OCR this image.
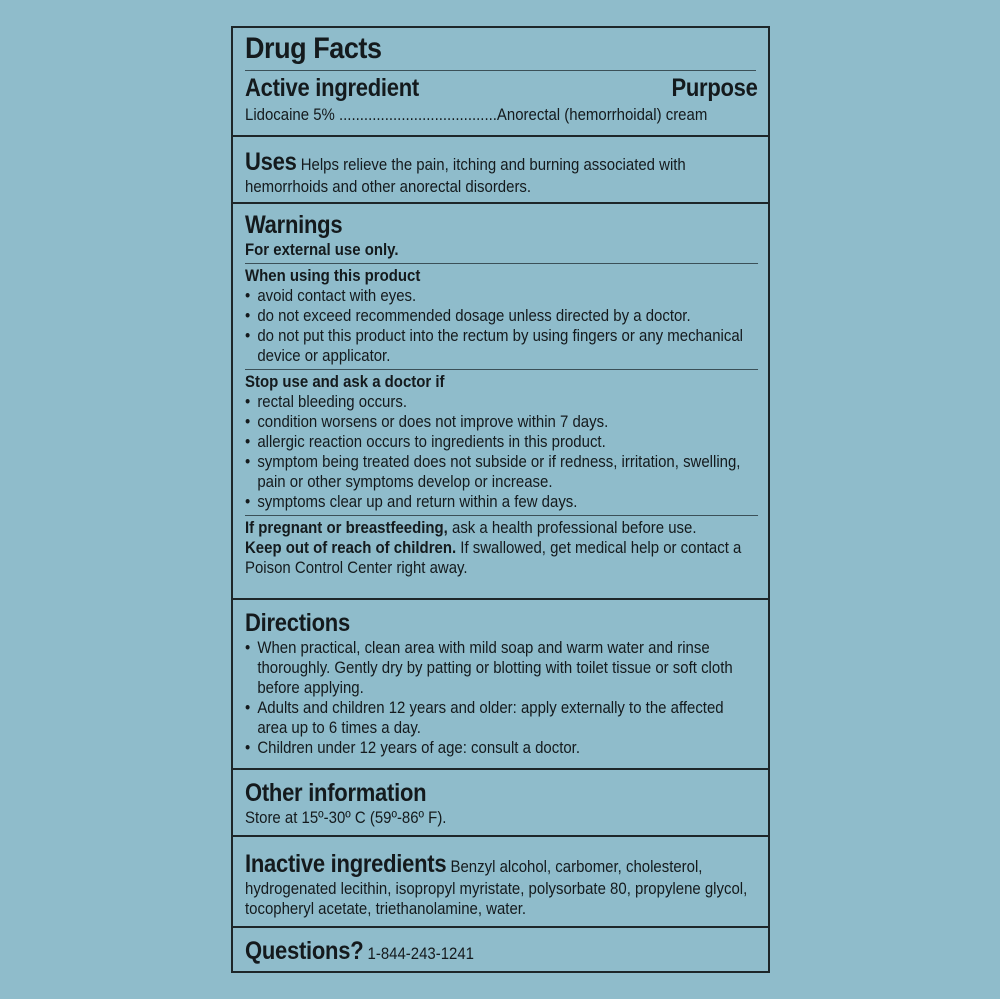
Drug Facts
Active ingredient	Purpose
Lidocaine 5% ......................................Anorectal (hemorrhoidal) cream
Uses Helps relieve the pain, itching and burning associated with hemorrhoids and other anorectal disorders.
Warnings
For external use only.
When using this product
• avoid contact with eyes.
• do not exceed recommended dosage unless directed by a doctor.
• do not put this product into the rectum by using fingers or any mechanical device or applicator.
Stop use and ask a doctor if
• rectal bleeding occurs.
• condition worsens or does not improve within 7 days.
• allergic reaction occurs to ingredients in this product.
• symptom being treated does not subside or if redness, irritation, swelling, pain or other symptoms develop or increase.
• symptoms clear up and return within a few days.
If pregnant or breastfeeding, ask a health professional before use.
Keep out of reach of children. If swallowed, get medical help or contact a Poison Control Center right away.
Directions
• When practical, clean area with mild soap and warm water and rinse thoroughly. Gently dry by patting or blotting with toilet tissue or soft cloth before applying.
• Adults and children 12 years and older: apply externally to the affected area up to 6 times a day.
• Children under 12 years of age: consult a doctor.
Other information
Store at 15º-30º C (59º-86º F).
Inactive ingredients Benzyl alcohol, carbomer, cholesterol, hydrogenated lecithin, isopropyl myristate, polysorbate 80, propylene glycol, tocopheryl acetate, triethanolamine, water.
Questions? 1-844-243-1241
